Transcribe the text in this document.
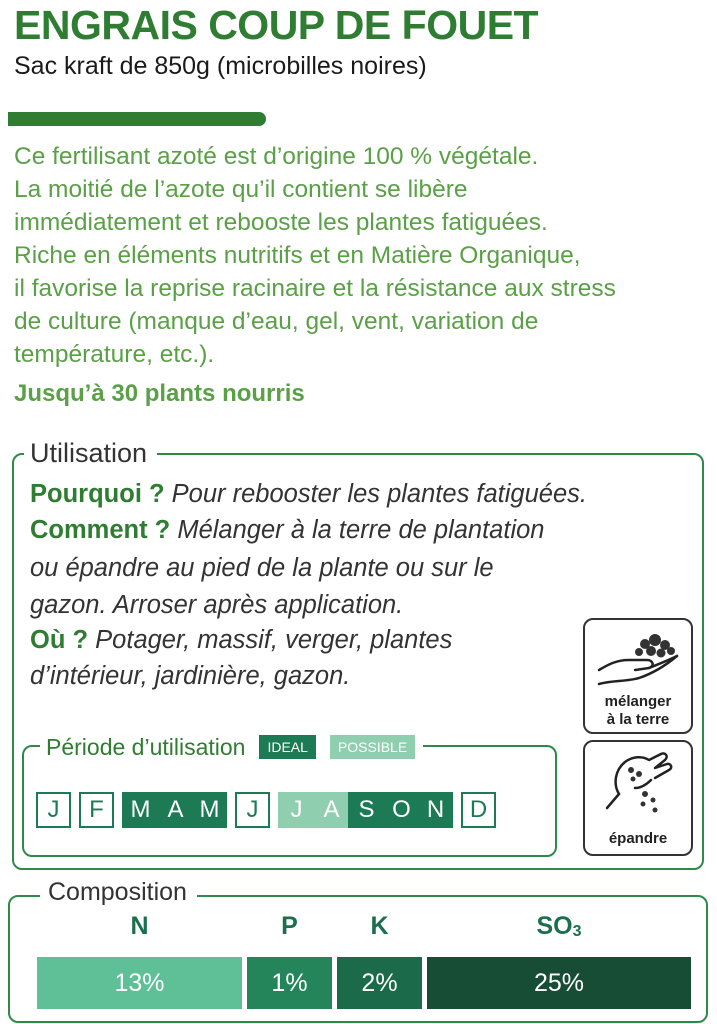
ENGRAIS COUP DE FOUET
Sac kraft de 850g (microbilles noires)
Ce fertilisant azoté est d’origine 100 % végétale.
La moitié de l’azote qu’il contient se libère
immédiatement et rebooste les plantes fatiguées.
Riche en éléments nutritifs et en Matière Organique,
il favorise la reprise racinaire et la résistance aux stress
de culture (manque d’eau, gel, vent, variation de
température, etc.).
Jusqu’à 30 plants nourris
Utilisation
Pourquoi ? Pour rebooster les plantes fatiguées.
Comment ? Mélanger à la terre de plantation
ou épandre au pied de la plante ou sur le
gazon. Arroser après application.
Où ? Potager, massif, verger, plantes
d’intérieur, jardinière, gazon.
mélanger
à la terre
épandre
Période d’utilisation	IDEAL	POSSIBLE
J	F	M A M	J	J A S O N	D
Composition
N	P	K	$SO_3$
13%	1%	2%	25%
